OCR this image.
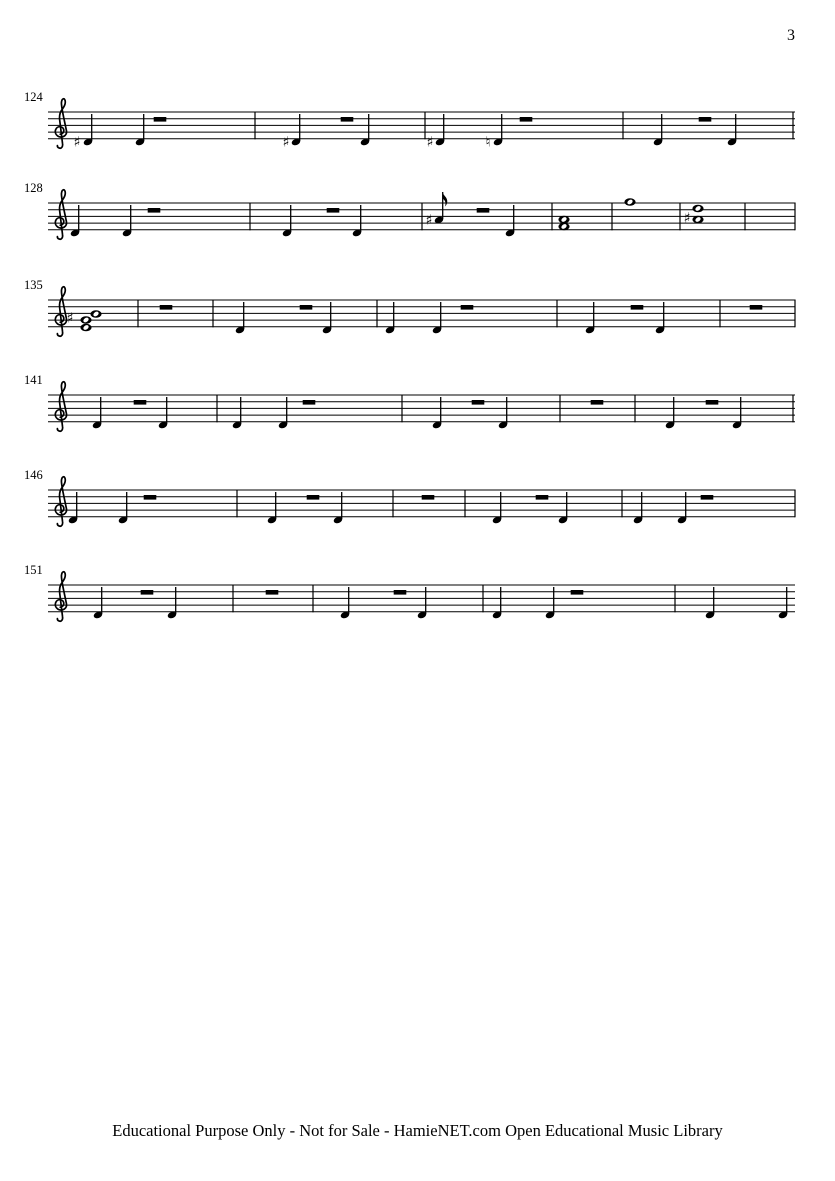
3
124
♯	♯	♯	♮
128
♯	♯
135
♯
141
146
151
Educational Purpose Only - Not for Sale - HamieNET.com Open Educational Music Library
